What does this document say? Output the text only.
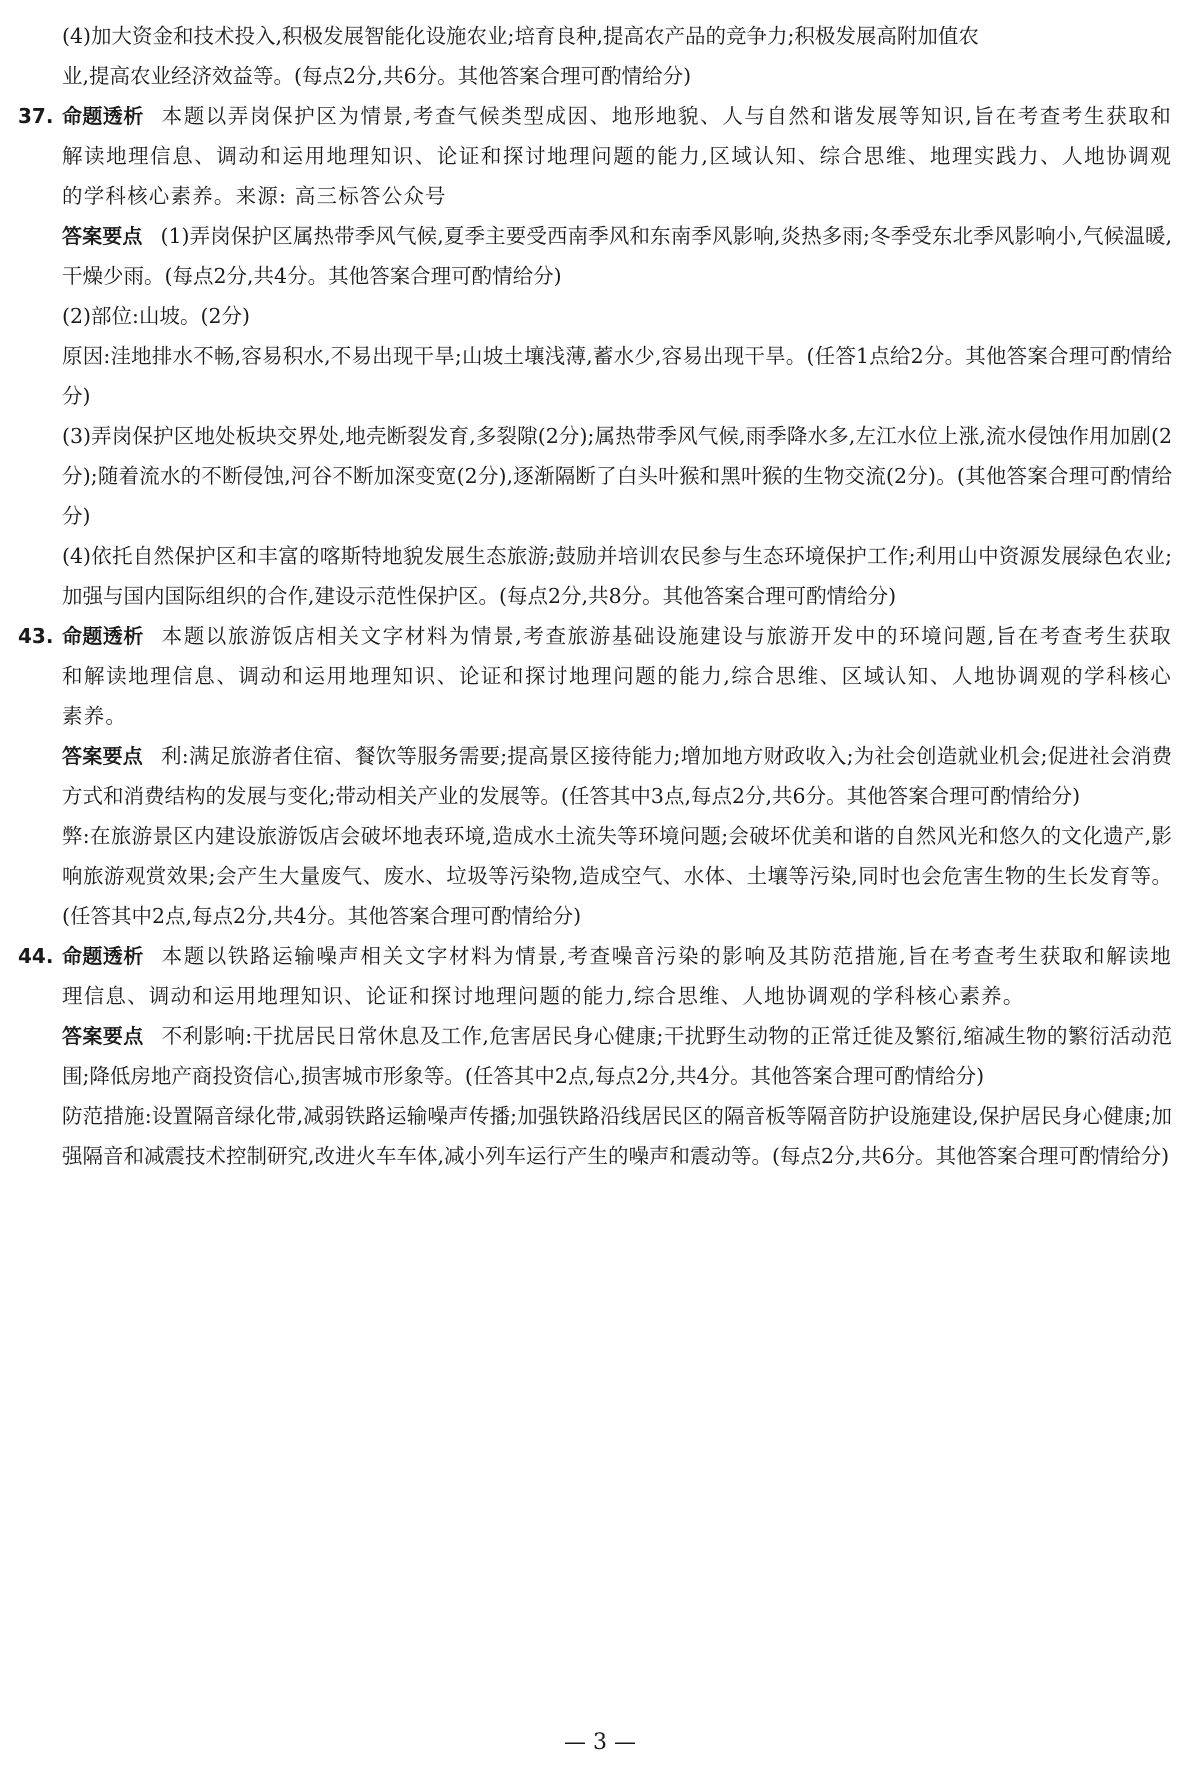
(4)加大资金和技术投入,积极发展智能化设施农业;培育良种,提高农产品的竞争力;积极发展高附加值农

业,提高农业经济效益等。(每点2分,共6分。其他答案合理可酌情给分)

37. 命题透析 本题以弄岗保护区为情景,考查气候类型成因、地形地貌、人与自然和谐发展等知识,旨在考查考生获取和解读地理信息、调动和运用地理知识、论证和探讨地理问题的能力,区域认知、综合思维、地理实践力、人地协调观的学科核心素养。来源: 高三标答公众号

答案要点 (1)弄岗保护区属热带季风气候,夏季主要受西南季风和东南季风影响,炎热多雨;冬季受东北季风影响小,气候温暖,干燥少雨。(每点2分,共4分。其他答案合理可酌情给分)

(2)部位:山坡。(2分)

原因:洼地排水不畅,容易积水,不易出现干旱;山坡土壤浅薄,蓄水少,容易出现干旱。(任答1点给2分。其他答案合理可酌情给分)

(3)弄岗保护区地处板块交界处,地壳断裂发育,多裂隙(2分);属热带季风气候,雨季降水多,左江水位上涨,流水侵蚀作用加剧(2分);随着流水的不断侵蚀,河谷不断加深变宽(2分),逐渐隔断了白头叶猴和黑叶猴的生物交流(2分)。(其他答案合理可酌情给分)

(4)依托自然保护区和丰富的喀斯特地貌发展生态旅游;鼓励并培训农民参与生态环境保护工作;利用山中资源发展绿色农业;加强与国内国际组织的合作,建设示范性保护区。(每点2分,共8分。其他答案合理可酌情给分)

43. 命题透析 本题以旅游饭店相关文字材料为情景,考查旅游基础设施建设与旅游开发中的环境问题,旨在考查考生获取和解读地理信息、调动和运用地理知识、论证和探讨地理问题的能力,综合思维、区域认知、人地协调观的学科核心素养。

答案要点 利:满足旅游者住宿、餐饮等服务需要;提高景区接待能力;增加地方财政收入;为社会创造就业机会;促进社会消费方式和消费结构的发展与变化;带动相关产业的发展等。(任答其中3点,每点2分,共6分。其他答案合理可酌情给分)

弊:在旅游景区内建设旅游饭店会破坏地表环境,造成水土流失等环境问题;会破坏优美和谐的自然风光和悠久的文化遗产,影响旅游观赏效果;会产生大量废气、废水、垃圾等污染物,造成空气、水体、土壤等污染,同时也会危害生物的生长发育等。(任答其中2点,每点2分,共4分。其他答案合理可酌情给分)

44. 命题透析 本题以铁路运输噪声相关文字材料为情景,考查噪音污染的影响及其防范措施,旨在考查考生获取和解读地理信息、调动和运用地理知识、论证和探讨地理问题的能力,综合思维、人地协调观的学科核心素养。

答案要点 不利影响:干扰居民日常休息及工作,危害居民身心健康;干扰野生动物的正常迁徙及繁衍,缩减生物的繁衍活动范围;降低房地产商投资信心,损害城市形象等。(任答其中2点,每点2分,共4分。其他答案合理可酌情给分)

防范措施:设置隔音绿化带,减弱铁路运输噪声传播;加强铁路沿线居民区的隔音板等隔音防护设施建设,保护居民身心健康;加强隔音和减震技术控制研究,改进火车车体,减小列车运行产生的噪声和震动等。(每点2分,共6分。其他答案合理可酌情给分)

— 3 —
